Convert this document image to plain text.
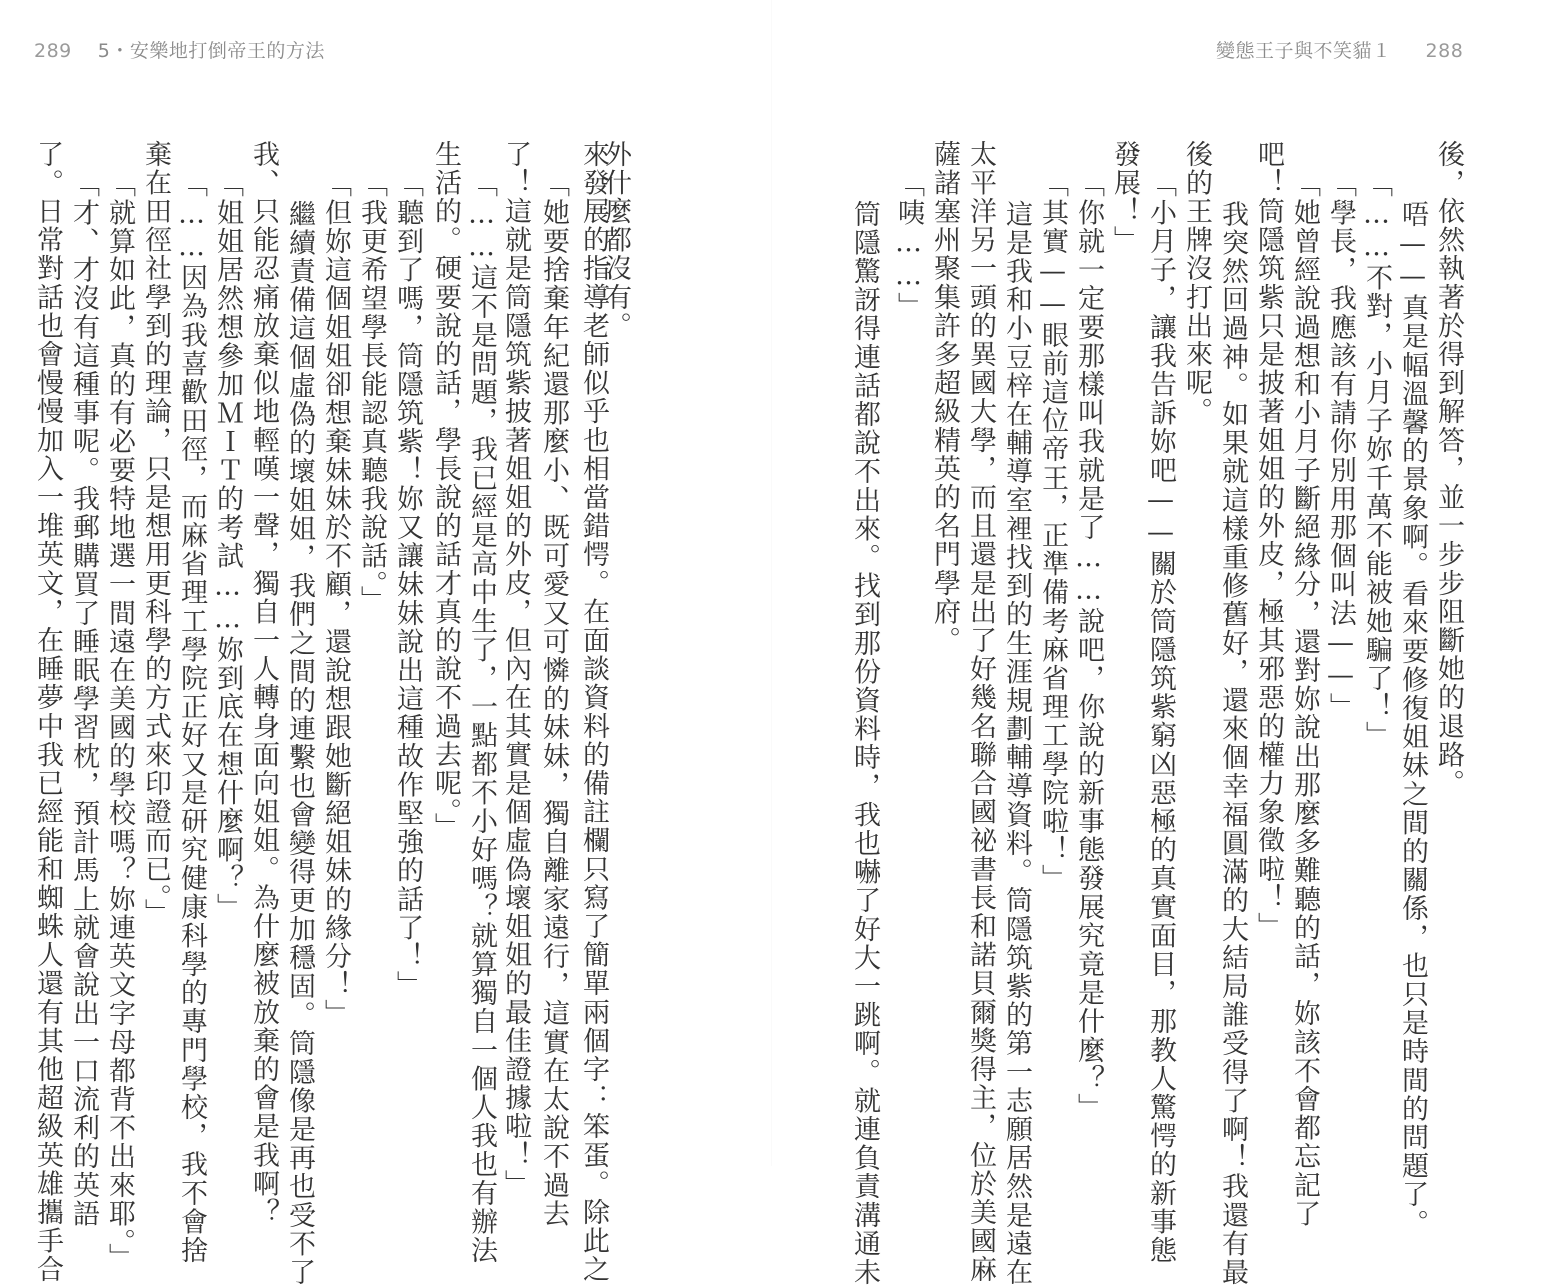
289 5・安樂地打倒帝王的方法	變態王子與不笑貓１ 288
來發展的指導老師似乎也相當錯愕。在面談資料的備註欄只寫了簡單兩個字：笨蛋。除此之
外什麼都沒有。
「她要捨棄年紀還那麼小、既可愛又可憐的妹妹，獨自離家遠行，這實在太說不過去
了！這就是筒隱筑紫披著姐姐的外皮，但內在其實是個虛偽壞姐姐的最佳證據啦！」
「……這不是問題，我已經是高中生了，一點都不小好嗎？就算獨自一個人我也有辦法
生活的。硬要說的話，學長說的話才真的說不過去呢。」
「聽到了嗎，筒隱筑紫！妳又讓妹妹說出這種故作堅強的話了！」
「我更希望學長能認真聽我說話。」
「但妳這個姐姐卻想棄妹妹於不顧，還說想跟她斷絕姐妹的緣分！」
繼續責備這個虛偽的壞姐姐，我們之間的連繫也會變得更加穩固。筒隱像是再也受不了
我、只能忍痛放棄似地輕嘆一聲，獨自一人轉身面向姐姐。為什麼被放棄的會是我啊？
「姐姐居然想參加ＭＩＴ的考試……妳到底在想什麼啊？」
「……因為我喜歡田徑，而麻省理工學院正好又是研究健康科學的專門學校，我不會捨
棄在田徑社學到的理論，只是想用更科學的方式來印證而已。」
「就算如此，真的有必要特地選一間遠在美國的學校嗎？妳連英文字母都背不出來耶。」
「才、才沒有這種事呢。我郵購買了睡眠學習枕，預計馬上就會說出一口流利的英語
了。日常對話也會慢慢加入一堆英文，在睡夢中我已經能和蜘蛛人還有其他超級英雄攜手合	後，依然執著於得到解答，並一步步阻斷她的退路。
唔——真是幅溫馨的景象啊。看來要修復姐妹之間的關係，也只是時間的問題了。
「……不對，小月子妳千萬不能被她騙了！」
「學長，我應該有請你別用那個叫法——」
「她曾經說過想和小月子斷絕緣分，還對妳說出那麼多難聽的話，妳該不會都忘記了
吧！筒隱筑紫只是披著姐姐的外皮，極其邪惡的權力象徵啦！」
我突然回過神。如果就這樣重修舊好，還來個幸福圓滿的大結局誰受得了啊！我還有最
後的王牌沒打出來呢。
「小月子，讓我告訴妳吧——關於筒隱筑紫窮凶惡極的真實面目，那教人驚愕的新事態
發展！」
「你就一定要那樣叫我就是了……說吧，你說的新事態發展究竟是什麼？」
「其實——眼前這位帝王，正準備考麻省理工學院啦！」
這是我和小豆梓在輔導室裡找到的生涯規劃輔導資料。筒隱筑紫的第一志願居然是遠在
太平洋另一頭的異國大學，而且還是出了好幾名聯合國祕書長和諾貝爾獎得主，位於美國麻
薩諸塞州聚集許多超級精英的名門學府。
「咦……」
筒隱驚訝得連話都說不出來。找到那份資料時，我也嚇了好大一跳啊。就連負責溝通未
